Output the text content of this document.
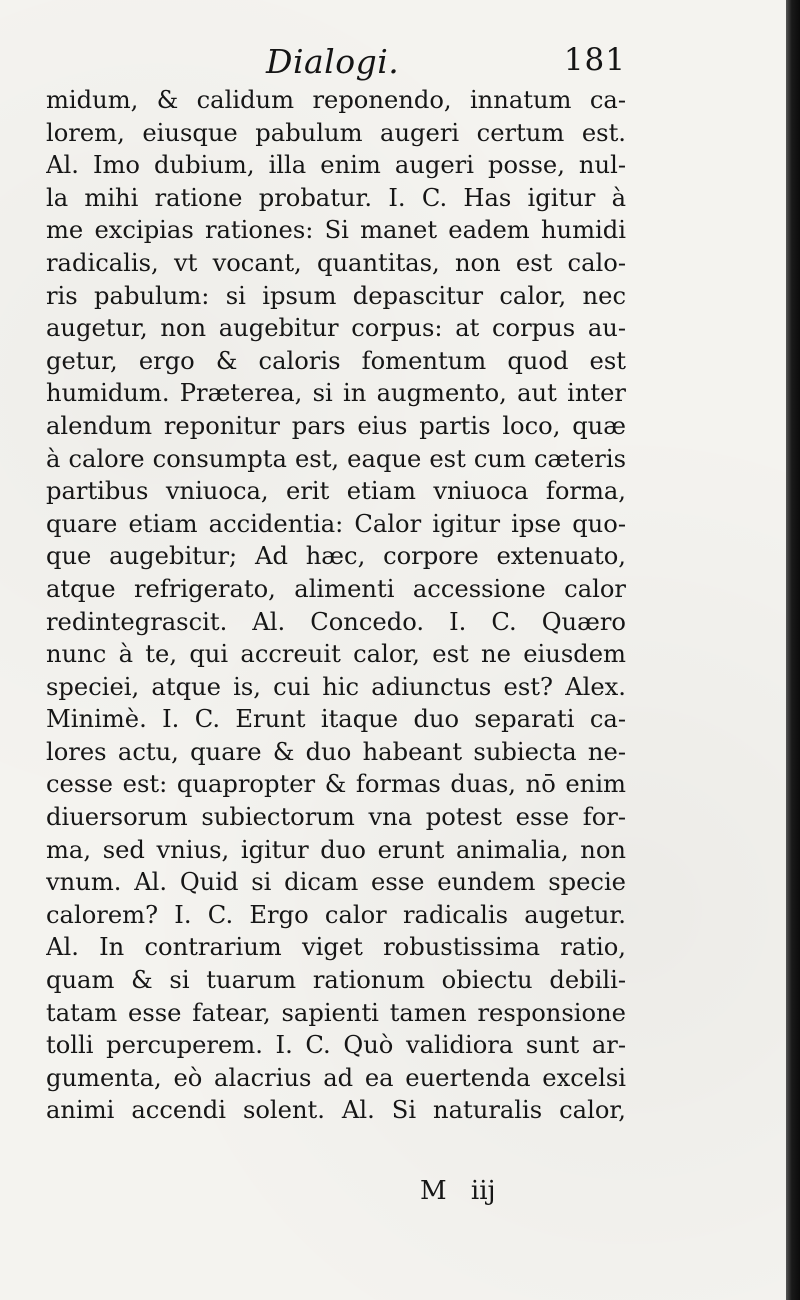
Dialogi.	181
midum, & calidum reponendo, innatum ca-
lorem, eiusque pabulum augeri certum est.
Al. Imo dubium, illa enim augeri posse, nul-
la mihi ratione probatur. I. C. Has igitur à
me excipias rationes: Si manet eadem humidi
radicalis, vt vocant, quantitas, non est calo-
ris pabulum: si ipsum depascitur calor, nec
augetur, non augebitur corpus: at corpus au-
getur, ergo & caloris fomentum quod est
humidum. Præterea, si in augmento, aut inter
alendum reponitur pars eius partis loco, quæ
à calore consumpta est, eaque est cum cæteris
partibus vniuoca, erit etiam vniuoca forma,
quare etiam accidentia: Calor igitur ipse quo-
que augebitur; Ad hæc, corpore extenuato,
atque refrigerato, alimenti accessione calor
redintegrascit. Al. Concedo. I. C. Quæro
nunc à te, qui accreuit calor, est ne eiusdem
speciei, atque is, cui hic adiunctus est? Alex.
Minimè. I. C. Erunt itaque duo separati ca-
lores actu, quare & duo habeant subiecta ne-
cesse est: quapropter & formas duas, nō enim
diuersorum subiectorum vna potest esse for-
ma, sed vnius, igitur duo erunt animalia, non
vnum. Al. Quid si dicam esse eundem specie
calorem? I. C. Ergo calor radicalis augetur.
Al. In contrarium viget robustissima ratio,
quam & si tuarum rationum obiectu debili-
tatam esse fatear, sapienti tamen responsione
tolli percuperem. I. C. Quò validiora sunt ar-
gumenta, eò alacrius ad ea euertenda excelsi
animi accendi solent. Al. Si naturalis calor,
M iij
